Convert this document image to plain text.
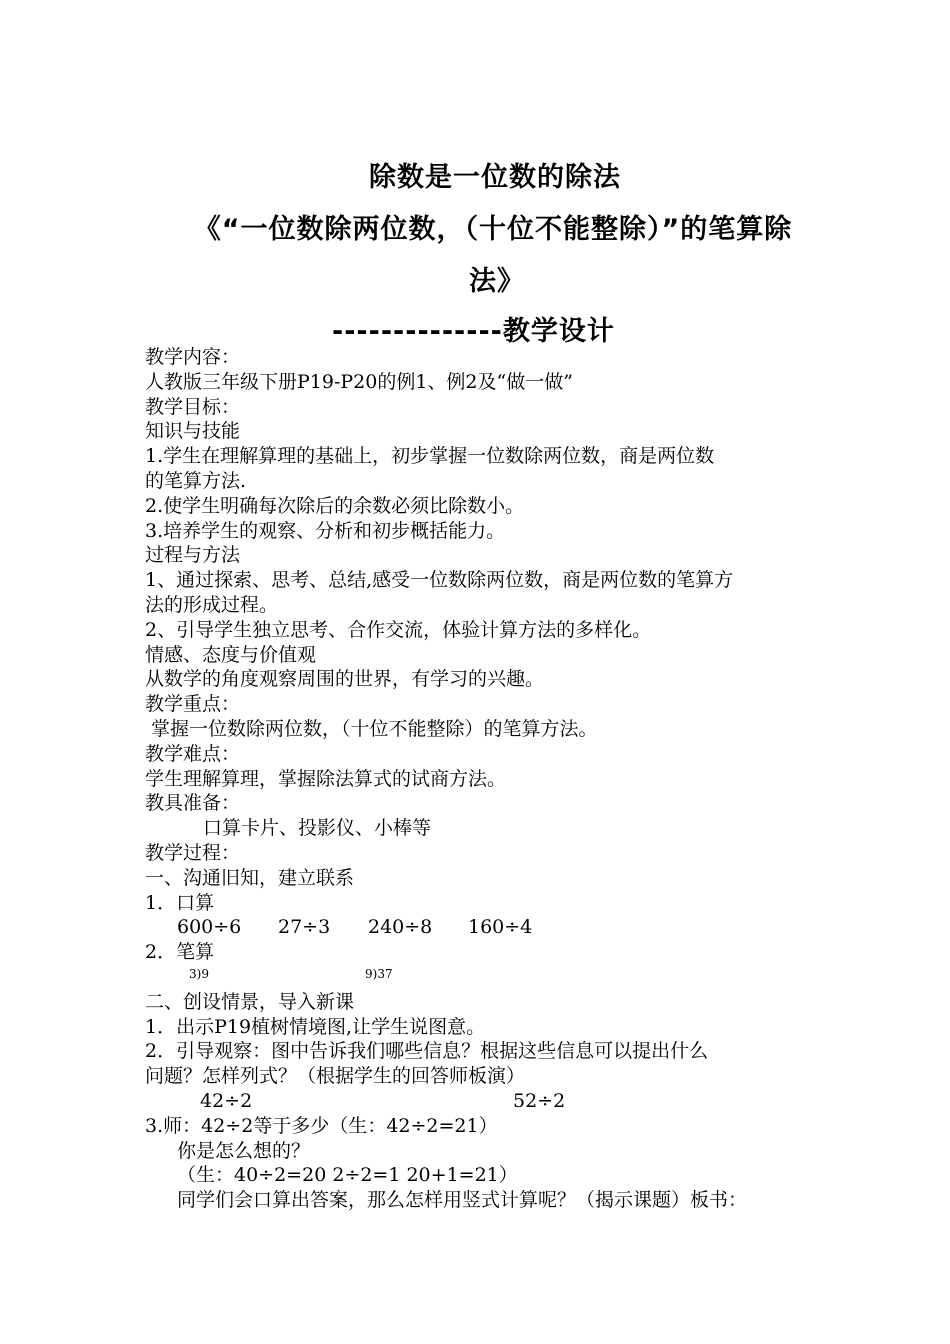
除数是一位数的除法
《“一位数除两位数，（十位不能整除）”的笔算除
法》
--------------教学设计
教学内容：
人教版三年级下册P19-P20的例1、例2及“做一做”
教学目标：
知识与技能
1.学生在理解算理的基础上，初步掌握一位数除两位数，商是两位数
的笔算方法.
2.使学生明确每次除后的余数必须比除数小。
3.培养学生的观察、分析和初步概括能力。
过程与方法
1、通过探索、思考、总结,感受一位数除两位数，商是两位数的笔算方
法的形成过程。
2、引导学生独立思考、合作交流，体验计算方法的多样化。
情感、态度与价值观
从数学的角度观察周围的世界，有学习的兴趣。
教学重点：
掌握一位数除两位数，（十位不能整除）的笔算方法。
教学难点：
学生理解算理，掌握除法算式的试商方法。
教具准备：
口算卡片、投影仪、小棒等
教学过程：
一、沟通旧知，建立联系
1．口算
600÷6 27÷3 240÷8 160÷4
2．笔算
3)9	9)37
二、创设情景，导入新课
1．出示P19植树情境图,让学生说图意。
2．引导观察：图中告诉我们哪些信息？根据这些信息可以提出什么
问题？怎样列式？（根据学生的回答师板演）
42÷2	52÷2
3.师：42÷2等于多少（生：42÷2=21）
你是怎么想的？
（生：40÷2=20 2÷2=1 20+1=21）
同学们会口算出答案，那么怎样用竖式计算呢？（揭示课题）板书：
